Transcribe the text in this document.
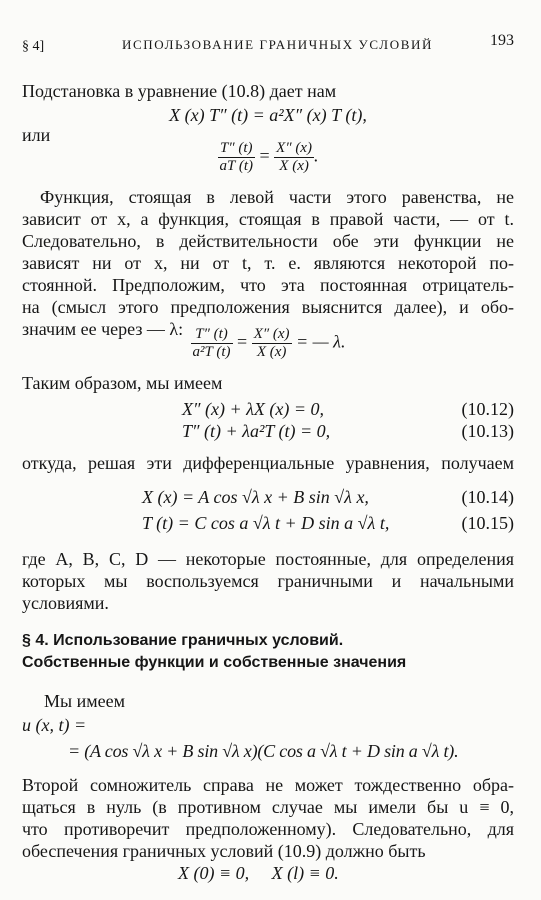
§ 4]	ИСПОЛЬЗОВАНИЕ ГРАНИЧНЫХ УСЛОВИЙ	193
Подстановка в уравнение (10.8) дает нам
X (x) T″ (t) = a²X″ (x) T (t),
или
$\frac{T'' (t)}{aT (t)} = \frac{X'' (x)}{X (x)}$ .
Функция, стоящая в левой части этого равенства, не
зависит от x, а функция, стоящая в правой части, — от t.
Следовательно, в действительности обе эти функции не
зависят ни от x, ни от t, т. е. являются некоторой по-
стоянной. Предположим, что эта постоянная отрицатель-
на (смысл этого предположения выяснится далее), и обо-
значим ее через — λ: $\frac{T'' (t)}{\text{a²T (t)}} = \frac{X'' (x)}{X (x)}$ = — λ.
Таким образом, мы имеем
X″ (x) + λX (x) = 0,	(10.12)
T″ (t) + λa²T (t) = 0,	(10.13)
откуда, решая эти дифференциальные уравнения, получаем
X (x) = A cos √λ x + B sin √λ x,	(10.14)
T (t) = C cos a √λ t + D sin a √λ t,	(10.15)
где A, B, C, D — некоторые постоянные, для определения
которых мы воспользуемся граничными и начальными
условиями.
§ 4. Использование граничных условий.
Собственные функции и собственные значения
Мы имеем
u (x, t) =
= (A cos √λ x + B sin √λ x)(C cos a √λ t + D sin a √λ t).
Второй сомножитель справа не может тождественно обра-
щаться в нуль (в противном случае мы имели бы u ≡ 0,
что противоречит предположенному). Следовательно, для
обеспечения граничных условий (10.9) должно быть
X (0) ≡ 0,     X (l) ≡ 0.
